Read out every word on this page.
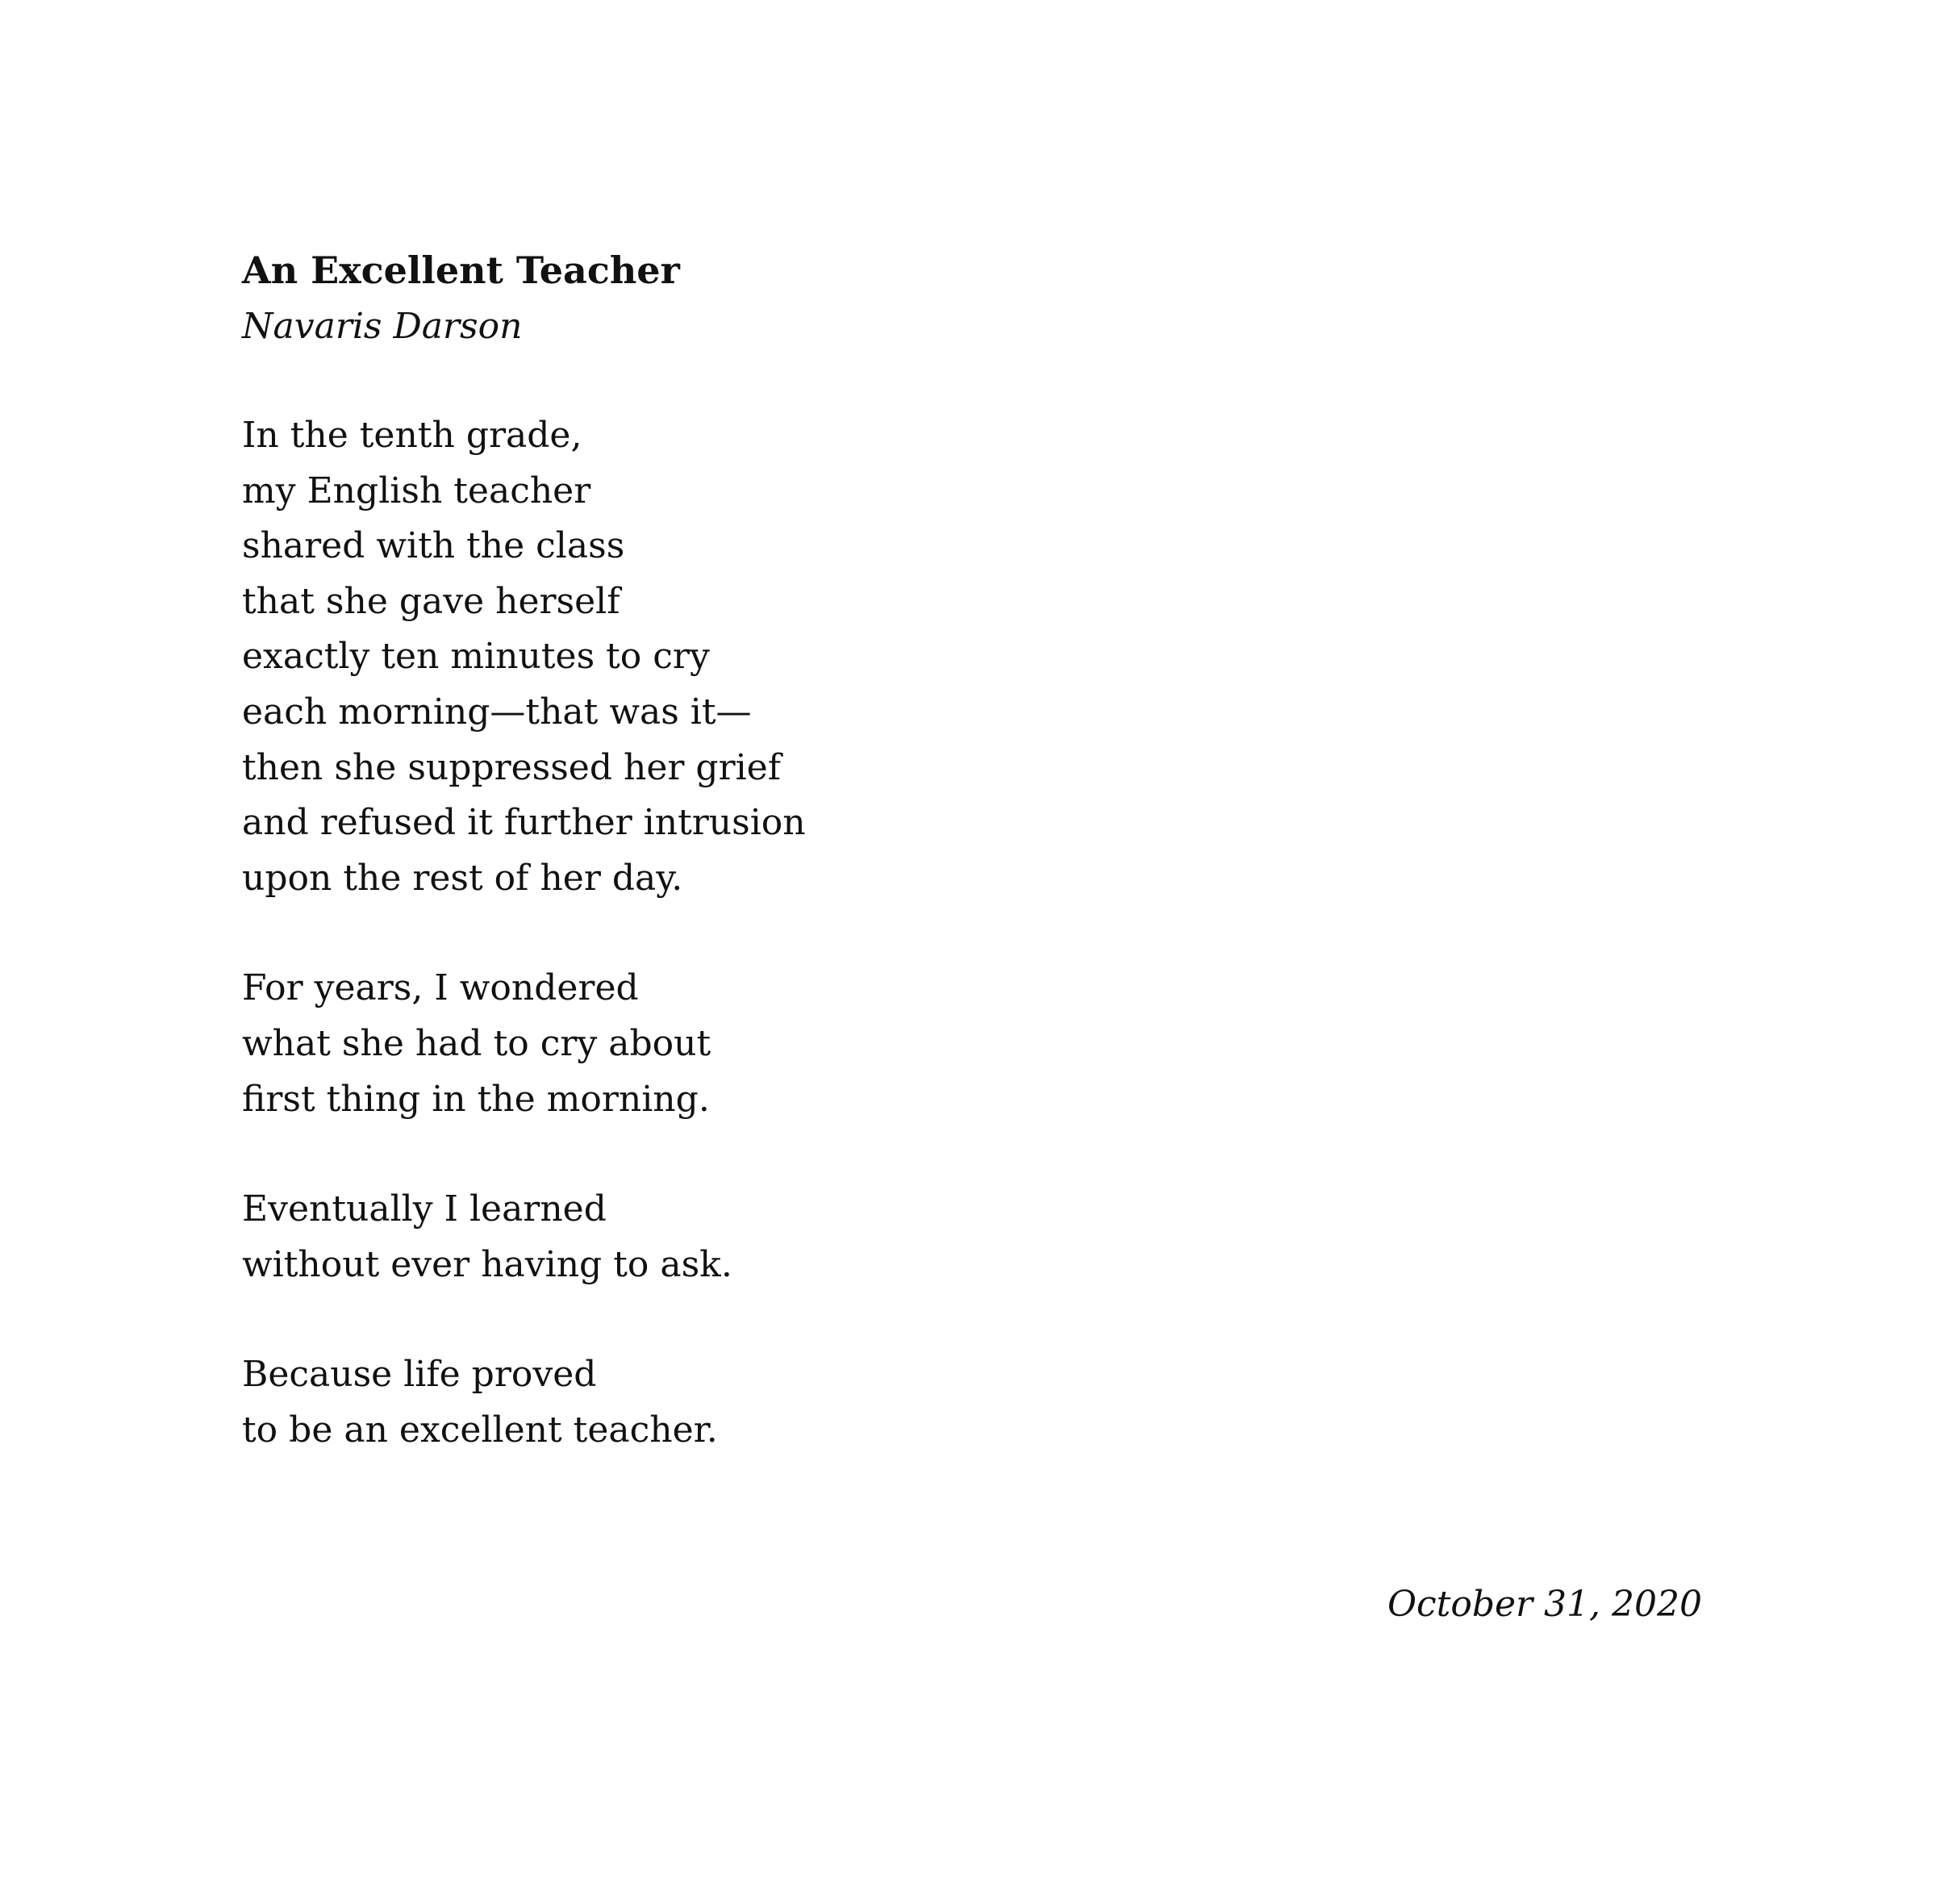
An Excellent Teacher

Navaris Darson

In the tenth grade,
my English teacher
shared with the class
that she gave herself
exactly ten minutes to cry
each morning—that was it—
then she suppressed her grief
and refused it further intrusion
upon the rest of her day.

For years, I wondered
what she had to cry about
first thing in the morning.

Eventually I learned
without ever having to ask.

Because life proved
to be an excellent teacher.

October 31, 2020
